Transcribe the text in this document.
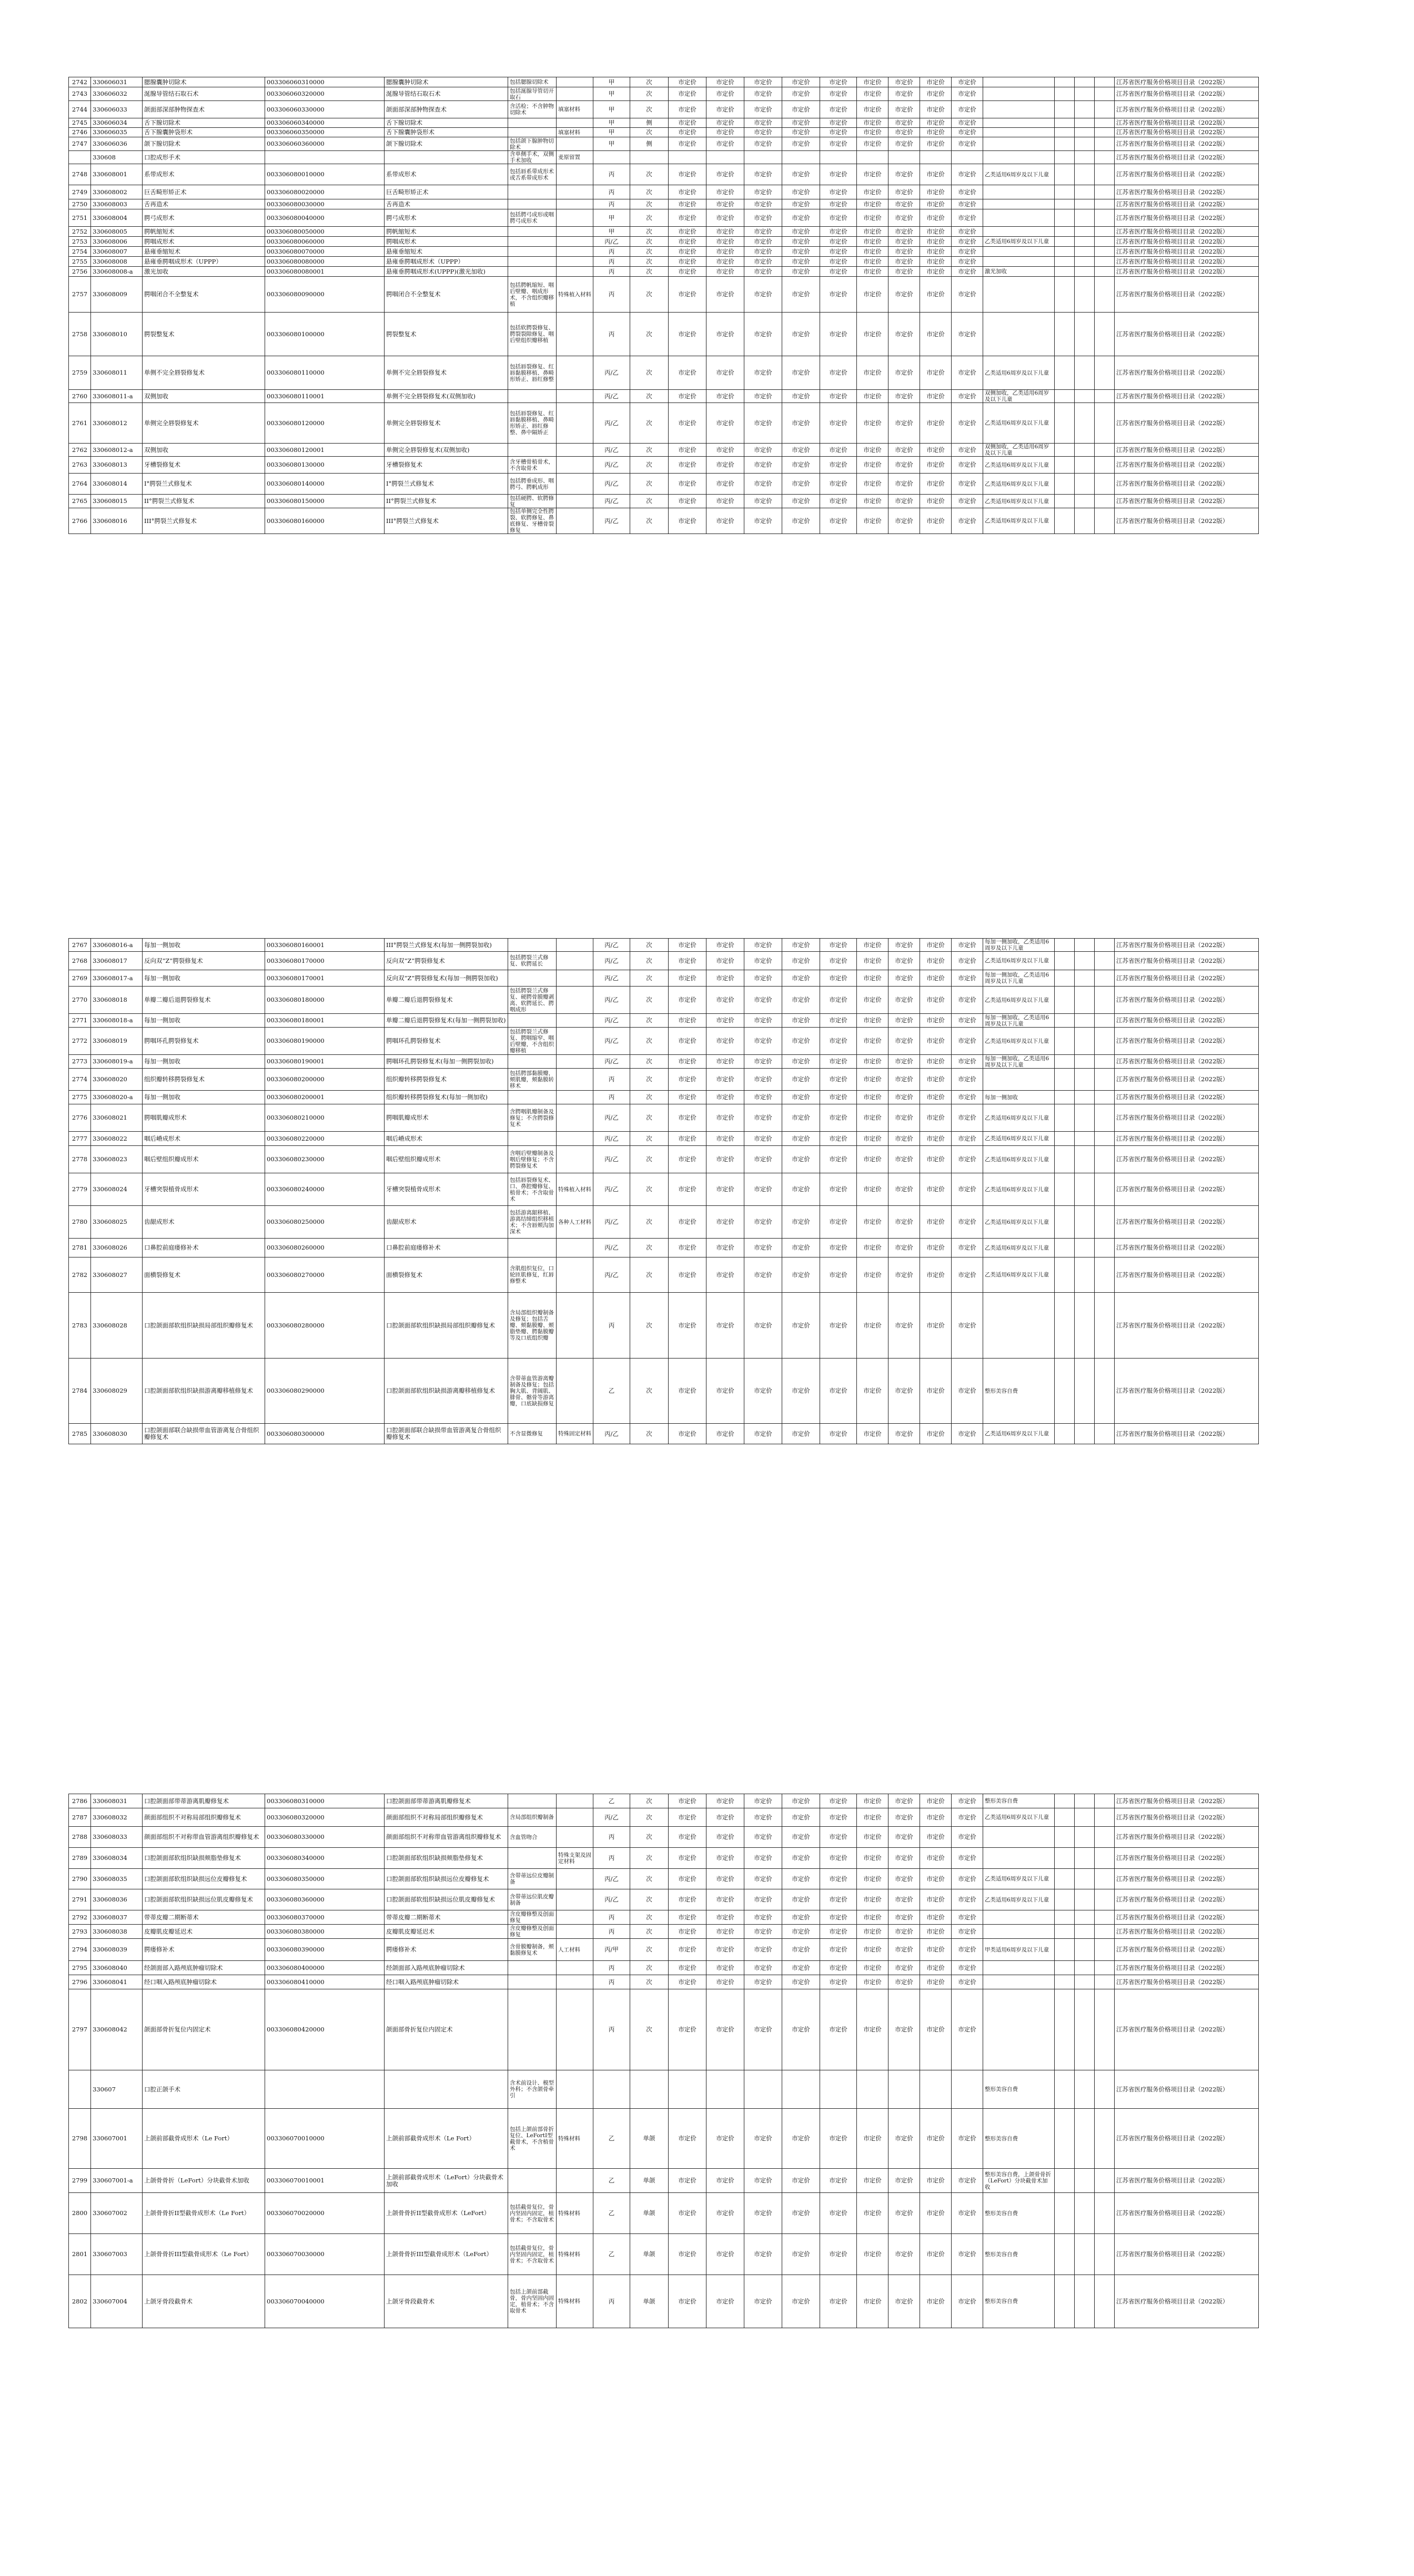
2742	330606031	腮腺囊肿切除术	003306060310000	腮腺囊肿切除术	包括腮腺切除术		甲	次	市定价	市定价	市定价	市定价	市定价	市定价	市定价	市定价	市定价					江苏省医疗服务价格项目目录（2022版）
2743	330606032	涎腺导管结石取石术	003306060320000	涎腺导管结石取石术	包括涎腺导管切开取石		甲	次	市定价	市定价	市定价	市定价	市定价	市定价	市定价	市定价	市定价					江苏省医疗服务价格项目目录（2022版）
2744	330606033	颌面部深部肿物探查术	003306060330000	颌面部深部肿物探查术	含活检；不含肿物切除术	填塞材料	甲	次	市定价	市定价	市定价	市定价	市定价	市定价	市定价	市定价	市定价					江苏省医疗服务价格项目目录（2022版）
2745	330606034	舌下腺切除术	003306060340000	舌下腺切除术			甲	侧	市定价	市定价	市定价	市定价	市定价	市定价	市定价	市定价	市定价					江苏省医疗服务价格项目目录（2022版）
2746	330606035	舌下腺囊肿袋形术	003306060350000	舌下腺囊肿袋形术		填塞材料	甲	次	市定价	市定价	市定价	市定价	市定价	市定价	市定价	市定价	市定价					江苏省医疗服务价格项目目录（2022版）
2747	330606036	颌下腺切除术	003306060360000	颌下腺切除术	包括颌下腺肿物切除术		甲	侧	市定价	市定价	市定价	市定价	市定价	市定价	市定价	市定价	市定价					江苏省医疗服务价格项目目录（2022版）
	330608	口腔成形手术			含单侧手术，双侧手术加收	麦原留置																江苏省医疗服务价格项目目录（2022版）
2748	330608001	系带成形术	003306080010000	系带成形术	包括唇系带成形术或舌系带成形术		丙	次	市定价	市定价	市定价	市定价	市定价	市定价	市定价	市定价	市定价	乙类适用6周岁及以下儿童				江苏省医疗服务价格项目目录（2022版）
2749	330608002	巨舌畸形矫正术	003306080020000	巨舌畸形矫正术			丙	次	市定价	市定价	市定价	市定价	市定价	市定价	市定价	市定价	市定价					江苏省医疗服务价格项目目录（2022版）
2750	330608003	舌再造术	003306080030000	舌再造术			丙	次	市定价	市定价	市定价	市定价	市定价	市定价	市定价	市定价	市定价					江苏省医疗服务价格项目目录（2022版）
2751	330608004	腭弓成形术	003306080040000	腭弓成形术	包括腭弓成形或咽腭弓成形术		甲	次	市定价	市定价	市定价	市定价	市定价	市定价	市定价	市定价	市定价					江苏省医疗服务价格项目目录（2022版）
2752	330608005	腭帆缩短术	003306080050000	腭帆缩短术			甲	次	市定价	市定价	市定价	市定价	市定价	市定价	市定价	市定价	市定价					江苏省医疗服务价格项目目录（2022版）
2753	330608006	腭咽成形术	003306080060000	腭咽成形术			丙/乙	次	市定价	市定价	市定价	市定价	市定价	市定价	市定价	市定价	市定价	乙类适用6周岁及以下儿童				江苏省医疗服务价格项目目录（2022版）
2754	330608007	悬雍垂缩短术	003306080070000	悬雍垂缩短术			丙	次	市定价	市定价	市定价	市定价	市定价	市定价	市定价	市定价	市定价					江苏省医疗服务价格项目目录（2022版）
2755	330608008	悬雍垂腭咽成形术（UPPP）	003306080080000	悬雍垂腭咽成形术（UPPP）			丙	次	市定价	市定价	市定价	市定价	市定价	市定价	市定价	市定价	市定价					江苏省医疗服务价格项目目录（2022版）
2756	330608008-a	激光加收	003306080080001	悬雍垂腭咽成形术(UPPP)(激光加收)			丙	次	市定价	市定价	市定价	市定价	市定价	市定价	市定价	市定价	市定价	激光加收				江苏省医疗服务价格项目目录（2022版）
2757	330608009	腭咽闭合不全整复术	003306080090000	腭咽闭合不全整复术	包括腭帆缩短、咽后壁瓣、咽成形术，不含组织瓣移植	特殊植入材料	丙	次	市定价	市定价	市定价	市定价	市定价	市定价	市定价	市定价	市定价					江苏省医疗服务价格项目目录（2022版）
2758	330608010	腭裂整复术	003306080100000	腭裂整复术	包括软腭裂修复、腭裂裂隙修复、咽后壁组织瓣移植		丙	次	市定价	市定价	市定价	市定价	市定价	市定价	市定价	市定价	市定价					江苏省医疗服务价格项目目录（2022版）
2759	330608011	单侧不完全唇裂修复术	003306080110000	单侧不完全唇裂修复术	包括唇裂修复、红唇黏膜移植、鼻畸形矫正、唇红修整		丙/乙	次	市定价	市定价	市定价	市定价	市定价	市定价	市定价	市定价	市定价	乙类适用6周岁及以下儿童				江苏省医疗服务价格项目目录（2022版）
2760	330608011-a	双侧加收	003306080110001	单侧不完全唇裂修复术(双侧加收)			丙/乙	次	市定价	市定价	市定价	市定价	市定价	市定价	市定价	市定价	市定价	双侧加收，乙类适用6周岁及以下儿童				江苏省医疗服务价格项目目录（2022版）
2761	330608012	单侧完全唇裂修复术	003306080120000	单侧完全唇裂修复术	包括唇裂修复、红唇黏膜移植、鼻畸形矫正、唇红修整、鼻中隔矫正		丙/乙	次	市定价	市定价	市定价	市定价	市定价	市定价	市定价	市定价	市定价	乙类适用6周岁及以下儿童				江苏省医疗服务价格项目目录（2022版）
2762	330608012-a	双侧加收	003306080120001	单侧完全唇裂修复术(双侧加收)			丙/乙	次	市定价	市定价	市定价	市定价	市定价	市定价	市定价	市定价	市定价	双侧加收，乙类适用6周岁及以下儿童				江苏省医疗服务价格项目目录（2022版）
2763	330608013	牙槽裂修复术	003306080130000	牙槽裂修复术	含牙槽骨植骨术，不含取骨术		丙/乙	次	市定价	市定价	市定价	市定价	市定价	市定价	市定价	市定价	市定价	乙类适用6周岁及以下儿童				江苏省医疗服务价格项目目录（2022版）
2764	330608014	I°腭裂兰式修复术	003306080140000	I°腭裂兰式修复术	包括腭垂成形、咽腭弓、腭帆成形		丙/乙	次	市定价	市定价	市定价	市定价	市定价	市定价	市定价	市定价	市定价	乙类适用6周岁及以下儿童				江苏省医疗服务价格项目目录（2022版）
2765	330608015	II°腭裂兰式修复术	003306080150000	II°腭裂兰式修复术	包括硬腭、软腭修复		丙/乙	次	市定价	市定价	市定价	市定价	市定价	市定价	市定价	市定价	市定价	乙类适用6周岁及以下儿童				江苏省医疗服务价格项目目录（2022版）
2766	330608016	III°腭裂兰式修复术	003306080160000	III°腭裂兰式修复术	包括单侧完全性腭裂、软腭修复、鼻底修复、牙槽骨裂修复		丙/乙	次	市定价	市定价	市定价	市定价	市定价	市定价	市定价	市定价	市定价	乙类适用6周岁及以下儿童				江苏省医疗服务价格项目目录（2022版）
2767	330608016-a	每加一侧加收	003306080160001	III°腭裂兰式修复术(每加一侧腭裂加收)			丙/乙	次	市定价	市定价	市定价	市定价	市定价	市定价	市定价	市定价	市定价	每加一侧加收，乙类适用6周岁及以下儿童				江苏省医疗服务价格项目目录（2022版）
2768	330608017	反向双“Z”腭裂修复术	003306080170000	反向双“Z”腭裂修复术	包括腭裂兰式修复、软腭延长		丙/乙	次	市定价	市定价	市定价	市定价	市定价	市定价	市定价	市定价	市定价	乙类适用6周岁及以下儿童				江苏省医疗服务价格项目目录（2022版）
2769	330608017-a	每加一侧加收	003306080170001	反向双“Z”腭裂修复术(每加一侧腭裂加收)			丙/乙	次	市定价	市定价	市定价	市定价	市定价	市定价	市定价	市定价	市定价	每加一侧加收，乙类适用6周岁及以下儿童				江苏省医疗服务价格项目目录（2022版）
2770	330608018	单瓣二瓣后退腭裂修复术	003306080180000	单瓣二瓣后退腭裂修复术	包括腭裂兰式修复、硬腭骨膜瓣剥离、软腭延长、腭咽成形		丙/乙	次	市定价	市定价	市定价	市定价	市定价	市定价	市定价	市定价	市定价	乙类适用6周岁及以下儿童				江苏省医疗服务价格项目目录（2022版）
2771	330608018-a	每加一侧加收	003306080180001	单瓣二瓣后退腭裂修复术(每加一侧腭裂加收)			丙/乙	次	市定价	市定价	市定价	市定价	市定价	市定价	市定价	市定价	市定价	每加一侧加收，乙类适用6周岁及以下儿童				江苏省医疗服务价格项目目录（2022版）
2772	330608019	腭咽环孔腭裂修复术	003306080190000	腭咽环孔腭裂修复术	包括腭裂兰式修复、腭咽缩窄、咽后壁瓣，不含组织瓣移植		丙/乙	次	市定价	市定价	市定价	市定价	市定价	市定价	市定价	市定价	市定价	乙类适用6周岁及以下儿童				江苏省医疗服务价格项目目录（2022版）
2773	330608019-a	每加一侧加收	003306080190001	腭咽环孔腭裂修复术(每加一侧腭裂加收)			丙/乙	次	市定价	市定价	市定价	市定价	市定价	市定价	市定价	市定价	市定价	每加一侧加收，乙类适用6周岁及以下儿童				江苏省医疗服务价格项目目录（2022版）
2774	330608020	组织瓣转移腭裂修复术	003306080200000	组织瓣转移腭裂修复术	包括腭部黏膜瓣，颊肌瓣，颊黏膜转移术		丙	次	市定价	市定价	市定价	市定价	市定价	市定价	市定价	市定价	市定价					江苏省医疗服务价格项目目录（2022版）
2775	330608020-a	每加一侧加收	003306080200001	组织瓣转移腭裂修复术(每加一侧加收)			丙	次	市定价	市定价	市定价	市定价	市定价	市定价	市定价	市定价	市定价	每加一侧加收				江苏省医疗服务价格项目目录（2022版）
2776	330608021	腭咽肌瓣成形术	003306080210000	腭咽肌瓣成形术	含腭咽肌瓣制备及修复；不含腭裂修复术		丙/乙	次	市定价	市定价	市定价	市定价	市定价	市定价	市定价	市定价	市定价	乙类适用6周岁及以下儿童				江苏省医疗服务价格项目目录（2022版）
2777	330608022	咽后嵴成形术	003306080220000	咽后嵴成形术			丙/乙	次	市定价	市定价	市定价	市定价	市定价	市定价	市定价	市定价	市定价	乙类适用6周岁及以下儿童				江苏省医疗服务价格项目目录（2022版）
2778	330608023	咽后壁组织瓣成形术	003306080230000	咽后壁组织瓣成形术	含咽后壁瓣制备及咽后壁修复；不含腭裂修复术		丙/乙	次	市定价	市定价	市定价	市定价	市定价	市定价	市定价	市定价	市定价	乙类适用6周岁及以下儿童				江苏省医疗服务价格项目目录（2022版）
2779	330608024	牙槽突裂植骨成形术	003306080240000	牙槽突裂植骨成形术	包括唇裂修复术、口、鼻腔瓣修复、植骨术；不含取骨术	特殊植入材料	丙/乙	次	市定价	市定价	市定价	市定价	市定价	市定价	市定价	市定价	市定价	乙类适用6周岁及以下儿童				江苏省医疗服务价格项目目录（2022版）
2780	330608025	齿龈成形术	003306080250000	齿龈成形术	包括游离龈移植、游离结缔组织移植术；不含唇颊沟加深术	各种人工材料	丙/乙	次	市定价	市定价	市定价	市定价	市定价	市定价	市定价	市定价	市定价	乙类适用6周岁及以下儿童				江苏省医疗服务价格项目目录（2022版）
2781	330608026	口鼻腔前庭瘘修补术	003306080260000	口鼻腔前庭瘘修补术			丙/乙	次	市定价	市定价	市定价	市定价	市定价	市定价	市定价	市定价	市定价	乙类适用6周岁及以下儿童				江苏省医疗服务价格项目目录（2022版）
2782	330608027	面横裂修复术	003306080270000	面横裂修复术	含肌组织复位，口轮匝肌修复，红唇修整术		丙/乙	次	市定价	市定价	市定价	市定价	市定价	市定价	市定价	市定价	市定价	乙类适用6周岁及以下儿童				江苏省医疗服务价格项目目录（2022版）
2783	330608028	口腔颌面部软组织缺损局部组织瓣修复术	003306080280000	口腔颌面部软组织缺损局部组织瓣修复术	含局部组织瓣制备及修复；包括舌瓣、颊黏膜瓣、颊脂垫瓣、腭黏膜瓣等及口底组织瓣		丙	次	市定价	市定价	市定价	市定价	市定价	市定价	市定价	市定价	市定价					江苏省医疗服务价格项目目录（2022版）
2784	330608029	口腔颌面部软组织缺损游离瓣移植修复术	003306080290000	口腔颌面部软组织缺损游离瓣移植修复术	含带蒂血管游离瓣制备及修复；包括胸大肌、背阔肌、腓骨、髂骨等游离瓣，口底缺损修复		乙	次	市定价	市定价	市定价	市定价	市定价	市定价	市定价	市定价	市定价	整形美容自费				江苏省医疗服务价格项目目录（2022版）
2785	330608030	口腔颌面部联合缺损带血管游离复合骨组织瓣修复术	003306080300000	口腔颌面部联合缺损带血管游离复合骨组织瓣修复术	不含显微修复	特殊固定材料	丙/乙	次	市定价	市定价	市定价	市定价	市定价	市定价	市定价	市定价	市定价	乙类适用6周岁及以下儿童				江苏省医疗服务价格项目目录（2022版）
2786	330608031	口腔颌面部带蒂游离肌瓣修复术	003306080310000	口腔颌面部带蒂游离肌瓣修复术			乙	次	市定价	市定价	市定价	市定价	市定价	市定价	市定价	市定价	市定价	整形美容自费				江苏省医疗服务价格项目目录（2022版）
2787	330608032	颜面部组织不对称局部组织瓣修复术	003306080320000	颜面部组织不对称局部组织瓣修复术	含局部组织瓣制备		丙/乙	次	市定价	市定价	市定价	市定价	市定价	市定价	市定价	市定价	市定价	乙类适用6周岁及以下儿童				江苏省医疗服务价格项目目录（2022版）
2788	330608033	颜面部组织不对称带血管游离组织瓣修复术	003306080330000	颜面部组织不对称带血管游离组织瓣修复术	含血管吻合		丙	次	市定价	市定价	市定价	市定价	市定价	市定价	市定价	市定价	市定价					江苏省医疗服务价格项目目录（2022版）
2789	330608034	口腔颌面部软组织缺损颊脂垫修复术	003306080340000	口腔颌面部软组织缺损颊脂垫修复术		特殊支架及固定材料	丙	次	市定价	市定价	市定价	市定价	市定价	市定价	市定价	市定价	市定价					江苏省医疗服务价格项目目录（2022版）
2790	330608035	口腔颌面部软组织缺损远位皮瓣修复术	003306080350000	口腔颌面部软组织缺损远位皮瓣修复术	含带蒂远位皮瓣制备		丙/乙	次	市定价	市定价	市定价	市定价	市定价	市定价	市定价	市定价	市定价	乙类适用6周岁及以下儿童				江苏省医疗服务价格项目目录（2022版）
2791	330608036	口腔颌面部软组织缺损远位肌皮瓣修复术	003306080360000	口腔颌面部软组织缺损远位肌皮瓣修复术	含带蒂远位肌皮瓣制备		丙/乙	次	市定价	市定价	市定价	市定价	市定价	市定价	市定价	市定价	市定价	乙类适用6周岁及以下儿童				江苏省医疗服务价格项目目录（2022版）
2792	330608037	带蒂皮瓣二期断蒂术	003306080370000	带蒂皮瓣二期断蒂术	含皮瓣修整及创面修复		丙	次	市定价	市定价	市定价	市定价	市定价	市定价	市定价	市定价	市定价					江苏省医疗服务价格项目目录（2022版）
2793	330608038	皮瓣肌皮瓣延迟术	003306080380000	皮瓣肌皮瓣延迟术	含皮瓣修整及创面修复		丙	次	市定价	市定价	市定价	市定价	市定价	市定价	市定价	市定价	市定价					江苏省医疗服务价格项目目录（2022版）
2794	330608039	腭瘘修补术	003306080390000	腭瘘修补术	含骨膜瓣制备，颊黏膜修复术	人工材料	丙/甲	次	市定价	市定价	市定价	市定价	市定价	市定价	市定价	市定价	市定价	甲类适用6周岁及以下儿童				江苏省医疗服务价格项目目录（2022版）
2795	330608040	经颌面部入路颅底肿瘤切除术	003306080400000	经颌面部入路颅底肿瘤切除术			丙	次	市定价	市定价	市定价	市定价	市定价	市定价	市定价	市定价	市定价					江苏省医疗服务价格项目目录（2022版）
2796	330608041	经口咽入路颅底肿瘤切除术	003306080410000	经口咽入路颅底肿瘤切除术			丙	次	市定价	市定价	市定价	市定价	市定价	市定价	市定价	市定价	市定价					江苏省医疗服务价格项目目录（2022版）
2797	330608042	颌面部骨折复位内固定术	003306080420000	颌面部骨折复位内固定术			丙	次	市定价	市定价	市定价	市定价	市定价	市定价	市定价	市定价	市定价					江苏省医疗服务价格项目目录（2022版）
	330607	口腔正颌手术			含术前设计、模型外科；不含颌骨牵引													整形美容自费				江苏省医疗服务价格项目目录（2022版）
2798	330607001	上颌前部截骨成形术（Le Fort）	003306070010000	上颌前部截骨成形术（Le Fort）	包括上颌前部骨折复位、LeFortI型截骨术，不含植骨术	特殊材料	乙	单颌	市定价	市定价	市定价	市定价	市定价	市定价	市定价	市定价	市定价	整形美容自费				江苏省医疗服务价格项目目录（2022版）
2799	330607001-a	上颌骨骨折（LeFort）分块截骨术加收	003306070010001	上颌前部截骨成形术（LeFort）分块截骨术加收			乙	单颌	市定价	市定价	市定价	市定价	市定价	市定价	市定价	市定价	市定价	整形美容自费，上颌骨骨折（LeFort）分块截骨术加收				江苏省医疗服务价格项目目录（2022版）
2800	330607002	上颌骨骨折II型截骨成形术（Le Fort）	003306070020000	上颌骨骨折II型截骨成形术（LeFort）	包括截骨复位，骨内坚固内固定，植骨术；不含取骨术	特殊材料	乙	单颌	市定价	市定价	市定价	市定价	市定价	市定价	市定价	市定价	市定价	整形美容自费				江苏省医疗服务价格项目目录（2022版）
2801	330607003	上颌骨骨折III型截骨成形术（Le Fort）	003306070030000	上颌骨骨折III型截骨成形术（LeFort）	包括截骨复位，骨内坚固内固定，植骨术；不含取骨术	特殊材料	乙	单颌	市定价	市定价	市定价	市定价	市定价	市定价	市定价	市定价	市定价	整形美容自费				江苏省医疗服务价格项目目录（2022版）
2802	330607004	上颌牙骨段截骨术	003306070040000	上颌牙骨段截骨术	包括上颌前部截骨，骨内坚固内固定，植骨术；不含取骨术	特殊材料	丙	单颌	市定价	市定价	市定价	市定价	市定价	市定价	市定价	市定价	市定价	整形美容自费				江苏省医疗服务价格项目目录（2022版）
